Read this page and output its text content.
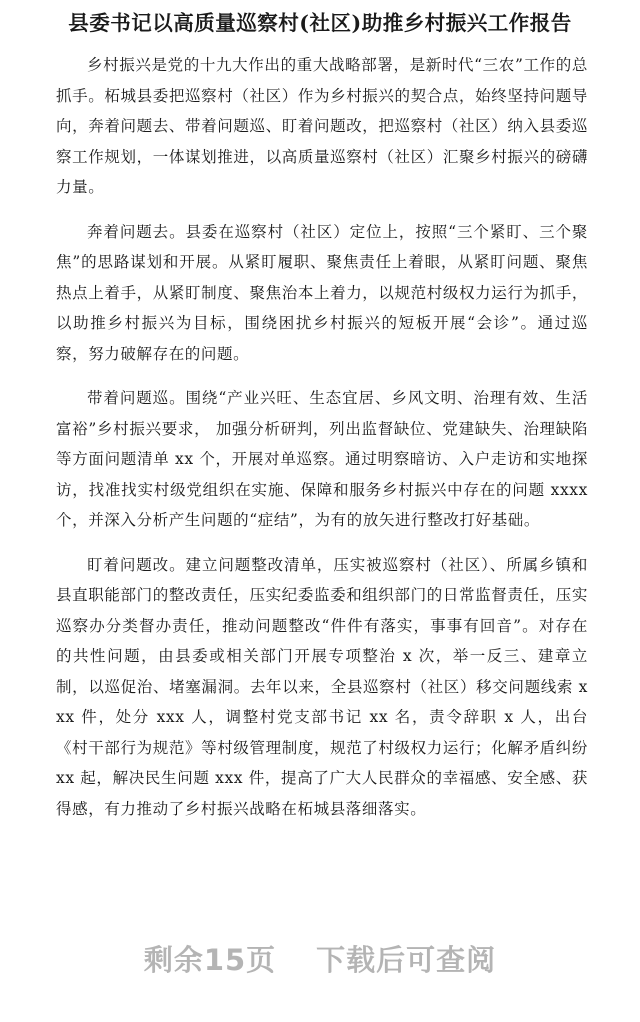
县委书记以高质量巡察村(社区)助推乡村振兴工作报告

乡村振兴是党的十九大作出的重大战略部署，是新时代“三农”工作的总抓手。柘城县委把巡察村（社区）作为乡村振兴的契合点，始终坚持问题导向，奔着问题去、带着问题巡、盯着问题改，把巡察村（社区）纳入县委巡察工作规划，一体谋划推进，以高质量巡察村（社区）汇聚乡村振兴的磅礴力量。

奔着问题去。县委在巡察村（社区）定位上，按照“三个紧盯、三个聚焦”的思路谋划和开展。从紧盯履职、聚焦责任上着眼，从紧盯问题、聚焦热点上着手，从紧盯制度、聚焦治本上着力，以规范村级权力运行为抓手，以助推乡村振兴为目标，围绕困扰乡村振兴的短板开展“会诊”。通过巡察，努力破解存在的问题。

带着问题巡。围绕“产业兴旺、生态宜居、乡风文明、治理有效、生活富裕”乡村振兴要求， 加强分析研判，列出监督缺位、党建缺失、治理缺陷等方面问题清单 xx 个，开展对单巡察。通过明察暗访、入户走访和实地探访，找准找实村级党组织在实施、保障和服务乡村振兴中存在的问题 xxxx 个，并深入分析产生问题的“症结”，为有的放矢进行整改打好基础。

盯着问题改。建立问题整改清单，压实被巡察村（社区）、所属乡镇和县直职能部门的整改责任，压实纪委监委和组织部门的日常监督责任，压实巡察办分类督办责任，推动问题整改“件件有落实，事事有回音”。对存在的共性问题，由县委或相关部门开展专项整治 x 次，举一反三、建章立制，以巡促治、堵塞漏洞。去年以来，全县巡察村（社区）移交问题线索 xxx 件，处分 xxx 人，调整村党支部书记 xx 名，责令辞职 x 人，出台《村干部行为规范》等村级管理制度，规范了村级权力运行；化解矛盾纠纷 xx 起，解决民生问题 xxx 件，提高了广大人民群众的幸福感、安全感、获得感，有力推动了乡村振兴战略在柘城县落细落实。

剩余15页 下载后可查阅
